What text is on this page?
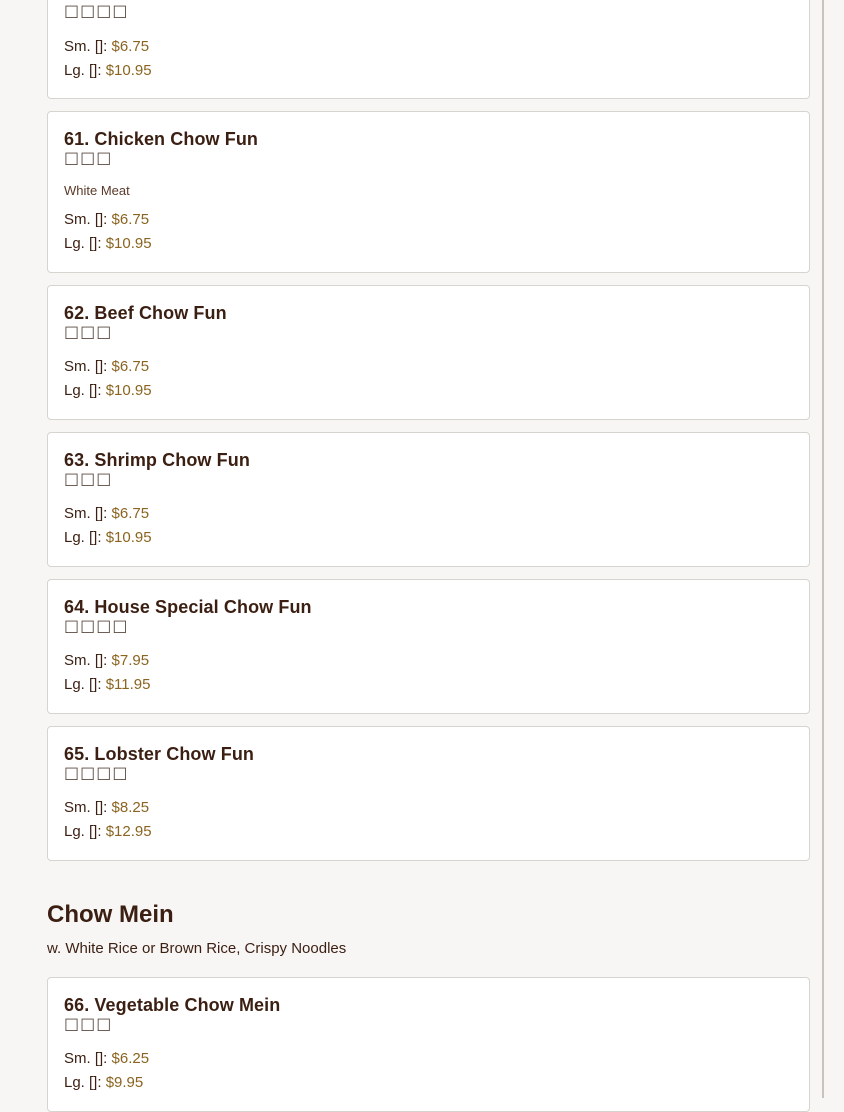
□□□□
Sm. []: $6.75
Lg. []: $10.95
61. Chicken Chow Fun
□□□
White Meat
Sm. []: $6.75
Lg. []: $10.95
62. Beef Chow Fun
□□□
Sm. []: $6.75
Lg. []: $10.95
63. Shrimp Chow Fun
□□□
Sm. []: $6.75
Lg. []: $10.95
64. House Special Chow Fun
□□□□
Sm. []: $7.95
Lg. []: $11.95
65. Lobster Chow Fun
□□□□
Sm. []: $8.25
Lg. []: $12.95
Chow Mein
w. White Rice or Brown Rice, Crispy Noodles
66. Vegetable Chow Mein
□□□
Sm. []: $6.25
Lg. []: $9.95
